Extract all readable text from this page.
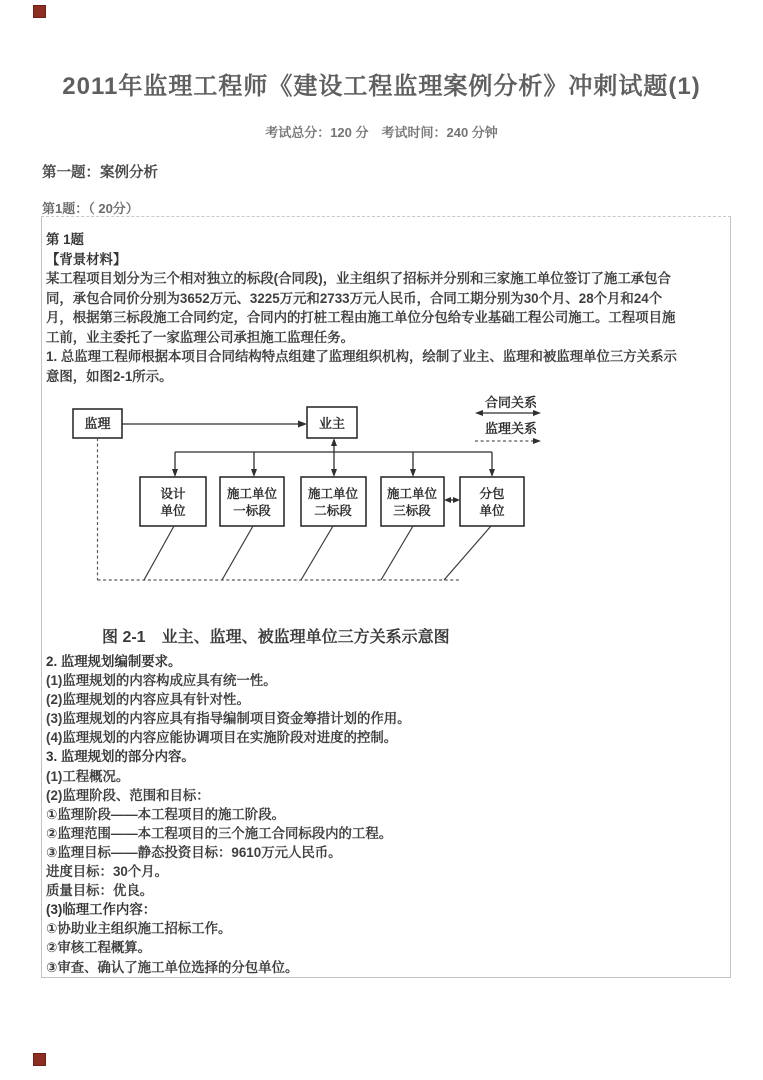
2011年监理工程师《建设工程监理案例分析》冲刺试题(1)
考试总分：120 分　考试时间：240 分钟
第一题：案例分析
第1题：（ 20分）
第 1题
【背景材料】
某工程项目划分为三个相对独立的标段(合同段)，业主组织了招标并分别和三家施工单位签订了施工承包合
同，承包合同价分别为3652万元、3225万元和2733万元人民币，合同工期分别为30个月、28个月和24个
月，根据第三标段施工合同约定，合同内的打桩工程由施工单位分包给专业基础工程公司施工。工程项目施
工前，业主委托了一家监理公司承担施工监理任务。
1. 总监理工程师根据本项目合同结构特点组建了监理组织机构，绘制了业主、监理和被监理单位三方关系示
意图，如图2-1所示。
合同关系
监理关系
监理	业主
设计
单位
施工单位
一标段
施工单位
二标段
施工单位
三标段
分包
单位
图 2-1　业主、监理、被监理单位三方关系示意图
2. 监理规划编制要求。
(1)监理规划的内容构成应具有统一性。
(2)监理规划的内容应具有针对性。
(3)监理规划的内容应具有指导编制项目资金筹措计划的作用。
(4)监理规划的内容应能协调项目在实施阶段对进度的控制。
3. 监理规划的部分内容。
(1)工程概况。
(2)监理阶段、范围和目标：
①监理阶段——本工程项目的施工阶段。
②监理范围——本工程项目的三个施工合同标段内的工程。
③监理目标——静态投资目标：9610万元人民币。
进度目标：30个月。
质量目标：优良。
(3)临理工作内容：
①协助业主组织施工招标工作。
②审核工程概算。
③审查、确认了施工单位选择的分包单位。
